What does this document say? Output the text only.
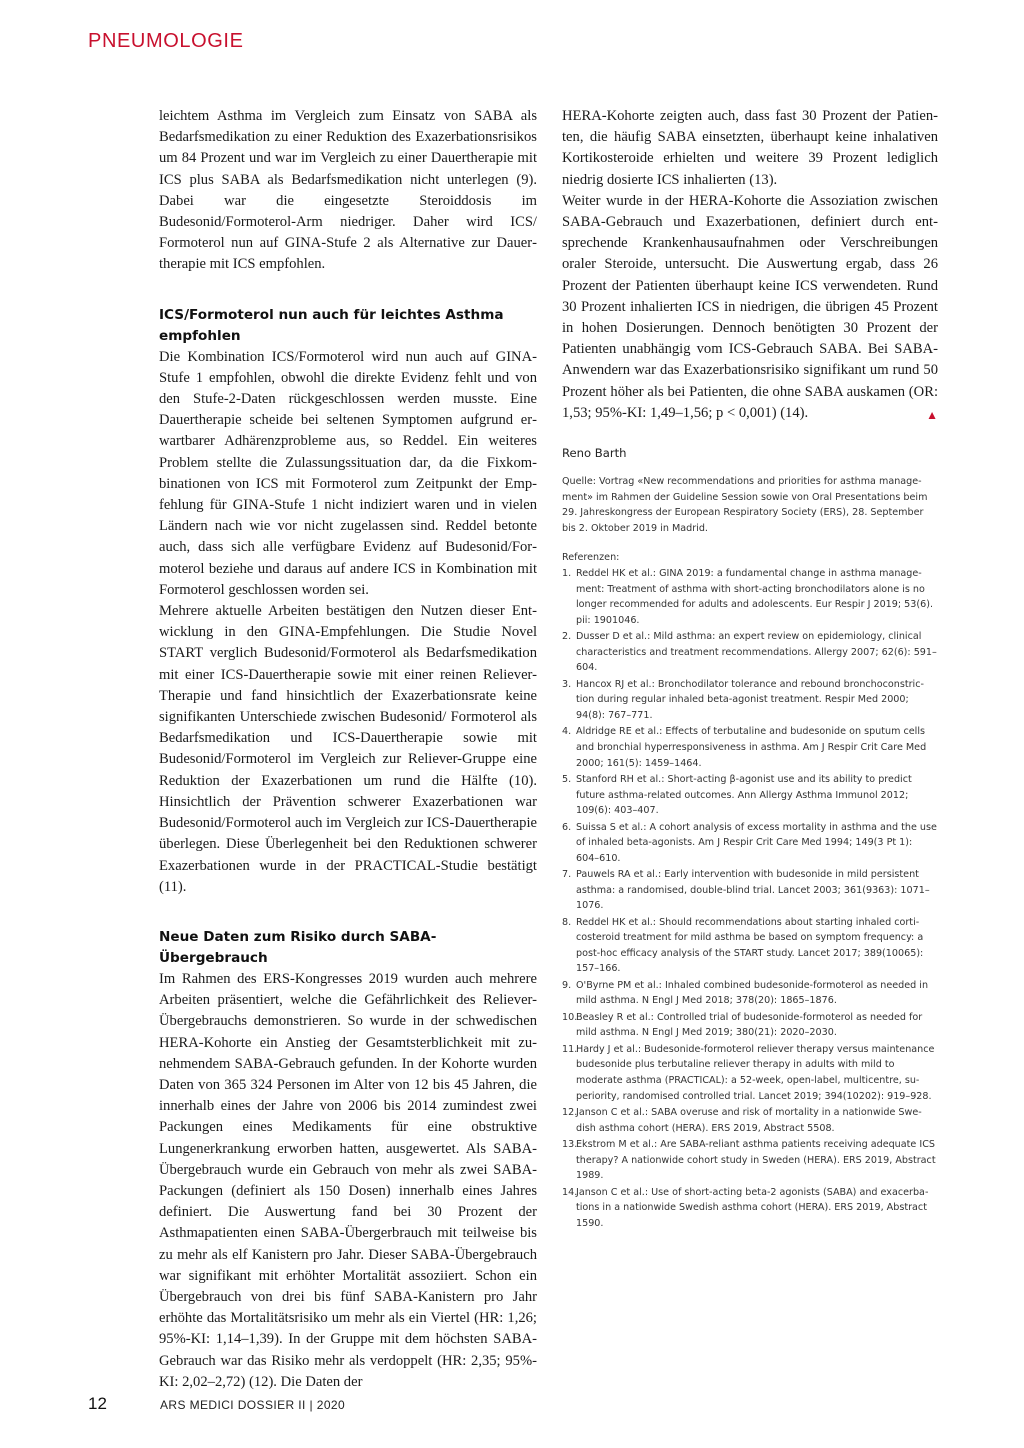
PNEUMOLOGIE

leichtem Asthma im Vergleich zum Einsatz von SABA als Bedarfsmedikation zu einer Reduktion des Exazerbationsrisikos um 84 Prozent und war im Vergleich zu einer Dauertherapie mit ICS plus SABA als Bedarfsmedikation nicht unterlegen (9). Dabei war die eingesetzte Steroiddosis im Budesonid/Formoterol-Arm niedriger. Daher wird ICS/ Formoterol nun auf GINA-Stufe 2 als Alternative zur Dauertherapie mit ICS empfohlen.

ICS/Formoterol nun auch für leichtes Asthma empfohlen

Die Kombination ICS/Formoterol wird nun auch auf GINA-Stufe 1 empfohlen, obwohl die direkte Evidenz fehlt und von den Stufe-2-Daten rückgeschlossen werden musste. Eine Dauertherapie scheide bei seltenen Symptomen aufgrund erwartbarer Adhärenzprobleme aus, so Reddel. Ein weiteres Problem stellte die Zulassungssituation dar, da die Fixkombinationen von ICS mit Formoterol zum Zeitpunkt der Empfehlung für GINA-Stufe 1 nicht indiziert waren und in vielen Ländern nach wie vor nicht zugelassen sind. Reddel betonte auch, dass sich alle verfügbare Evidenz auf Budesonid/Formoterol beziehe und daraus auf andere ICS in Kombination mit Formoterol geschlossen worden sei.

Mehrere aktuelle Arbeiten bestätigen den Nutzen dieser Entwicklung in den GINA-Empfehlungen. Die Studie Novel START verglich Budesonid/Formoterol als Bedarfsmedikation mit einer ICS-Dauertherapie sowie mit einer reinen Reliever-Therapie und fand hinsichtlich der Exazerbationsrate keine signifikanten Unterschiede zwischen Budesonid/ Formoterol als Bedarfsmedikation und ICS-Dauertherapie sowie mit Budesonid/Formoterol im Vergleich zur Reliever-Gruppe eine Reduktion der Exazerbationen um rund die Hälfte (10). Hinsichtlich der Prävention schwerer Exazerbationen war Budesonid/Formoterol auch im Vergleich zur ICS-Dauertherapie überlegen. Diese Überlegenheit bei den Reduktionen schwerer Exazerbationen wurde in der PRACTICAL-Studie bestätigt (11).

Neue Daten zum Risiko durch SABA-Übergebrauch

Im Rahmen des ERS-Kongresses 2019 wurden auch mehrere Arbeiten präsentiert, welche die Gefährlichkeit des Reliever-Übergebrauchs demonstrieren. So wurde in der schwedischen HERA-Kohorte ein Anstieg der Gesamtsterblichkeit mit zunehmendem SABA-Gebrauch gefunden. In der Kohorte wurden Daten von 365 324 Personen im Alter von 12 bis 45 Jahren, die innerhalb eines der Jahre von 2006 bis 2014 zumindest zwei Packungen eines Medikaments für eine obstruktive Lungenerkrankung erworben hatten, ausgewertet. Als SABA-Übergebrauch wurde ein Gebrauch von mehr als zwei SABA-Packungen (definiert als 150 Dosen) innerhalb eines Jahres definiert. Die Auswertung fand bei 30 Prozent der Asthmapatienten einen SABA-Übergerbrauch mit teilweise bis zu mehr als elf Kanistern pro Jahr. Dieser SABA-Übergebrauch war signifikant mit erhöhter Mortalität assoziiert. Schon ein Übergebrauch von drei bis fünf SABA-Kanistern pro Jahr erhöhte das Mortalitätsrisiko um mehr als ein Viertel (HR: 1,26; 95%-KI: 1,14–1,39). In der Gruppe mit dem höchsten SABA-Gebrauch war das Risiko mehr als verdoppelt (HR: 2,35; 95%-KI: 2,02–2,72) (12). Die Daten der

HERA-Kohorte zeigten auch, dass fast 30 Prozent der Patienten, die häufig SABA einsetzten, überhaupt keine inhalativen Kortikosteroide erhielten und weitere 39 Prozent lediglich niedrig dosierte ICS inhalierten (13).

Weiter wurde in der HERA-Kohorte die Assoziation zwischen SABA-Gebrauch und Exazerbationen, definiert durch entsprechende Krankenhausaufnahmen oder Verschreibungen oraler Steroide, untersucht. Die Auswertung ergab, dass 26 Prozent der Patienten überhaupt keine ICS verwendeten. Rund 30 Prozent inhalierten ICS in niedrigen, die übrigen 45 Prozent in hohen Dosierungen. Dennoch benötigten 30 Prozent der Patienten unabhängig vom ICS-Gebrauch SABA. Bei SABA-Anwendern war das Exazerbationsrisiko signifikant um rund 50 Prozent höher als bei Patienten, die ohne SABA auskamen (OR: 1,53; 95%-KI: 1,49–1,56; p < 0,001) (14).	▲

Reno Barth
Quelle: Vortrag «New recommendations and priorities for asthma management» im Rahmen der Guideline Session sowie von Oral Presentations beim 29. Jahreskongress der European Respiratory Society (ERS), 28. September bis 2. Oktober 2019 in Madrid.
Referenzen:
1. Reddel HK et al.: GINA 2019: a fundamental change in asthma management: Treatment of asthma with short-acting bronchodilators alone is no longer recommended for adults and adolescents. Eur Respir J 2019; 53(6). pii: 1901046.
2. Dusser D et al.: Mild asthma: an expert review on epidemiology, clinical characteristics and treatment recommendations. Allergy 2007; 62(6): 591–604.
3. Hancox RJ et al.: Bronchodilator tolerance and rebound bronchoconstriction during regular inhaled beta-agonist treatment. Respir Med 2000; 94(8): 767–771.
4. Aldridge RE et al.: Effects of terbutaline and budesonide on sputum cells and bronchial hyperresponsiveness in asthma. Am J Respir Crit Care Med 2000; 161(5): 1459–1464.
5. Stanford RH et al.: Short-acting β-agonist use and its ability to predict future asthma-related outcomes. Ann Allergy Asthma Immunol 2012; 109(6): 403–407.
6. Suissa S et al.: A cohort analysis of excess mortality in asthma and the use of inhaled beta-agonists. Am J Respir Crit Care Med 1994; 149(3 Pt 1): 604–610.
7. Pauwels RA et al.: Early intervention with budesonide in mild persistent asthma: a randomised, double-blind trial. Lancet 2003; 361(9363): 1071–1076.
8. Reddel HK et al.: Should recommendations about starting inhaled corticosteroid treatment for mild asthma be based on symptom frequency: a post-hoc efficacy analysis of the START study. Lancet 2017; 389(10065): 157–166.
9. O'Byrne PM et al.: Inhaled combined budesonide-formoterol as needed in mild asthma. N Engl J Med 2018; 378(20): 1865–1876.
10.
Beasley R et al.: Controlled trial of budesonide-formoterol as needed for mild asthma. N Engl J Med 2019; 380(21): 2020–2030.
11.
Hardy J et al.: Budesonide-formoterol reliever therapy versus maintenance budesonide plus terbutaline reliever therapy in adults with mild to moderate asthma (PRACTICAL): a 52-week, open-label, multicentre, superiority, randomised controlled trial. Lancet 2019; 394(10202): 919–928.
12.
Janson C et al.: SABA overuse and risk of mortality in a nationwide Swedish asthma cohort (HERA). ERS 2019, Abstract 5508.
13.
Ekstrom M et al.: Are SABA-reliant asthma patients receiving adequate ICS therapy? A nationwide cohort study in Sweden (HERA). ERS 2019, Abstract 1989.
14.
Janson C et al.: Use of short-acting beta-2 agonists (SABA) and exacerbations in a nationwide Swedish asthma cohort (HERA). ERS 2019, Abstract 1590.
12	ARS MEDICI DOSSIER II | 2020
